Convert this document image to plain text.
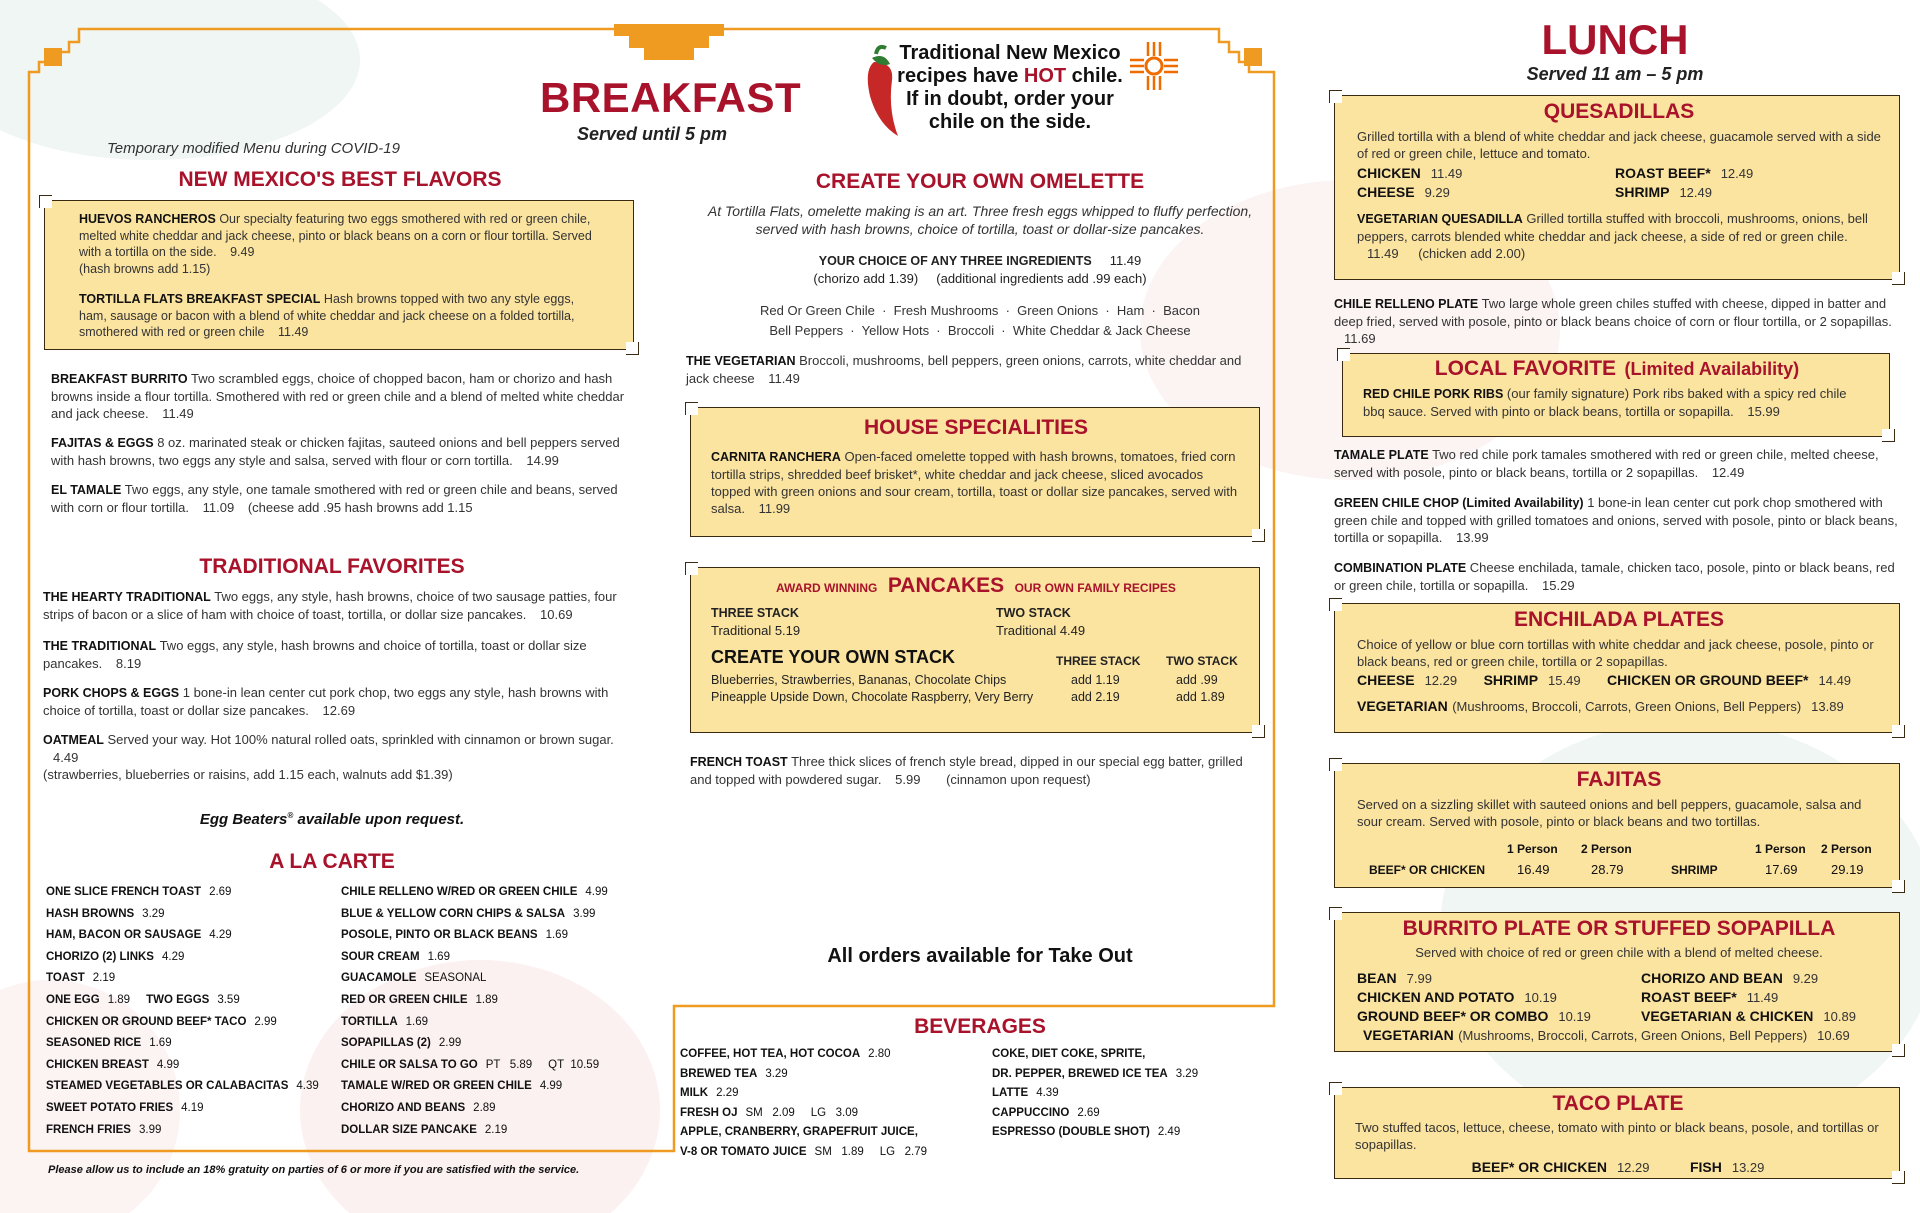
BREAKFAST
Served until 5 pm
Temporary modified Menu during COVID-19
Traditional New Mexico
recipes have HOT chile.
If in doubt, order your
chile on the side.
NEW MEXICO'S BEST FLAVORS
HUEVOS RANCHEROS Our specialty featuring two eggs smothered with red or green chile, melted white cheddar and jack cheese, pinto or black beans on a corn or flour tortilla. Served with a tortilla on the side. 9.49
(hash browns add 1.15)
TORTILLA FLATS BREAKFAST SPECIAL Hash browns topped with two any style eggs, ham, sausage or bacon with a blend of white cheddar and jack cheese on a folded tortilla, smothered with red or green chile 11.49
BREAKFAST BURRITO Two scrambled eggs, choice of chopped bacon, ham or chorizo and hash browns inside a flour tortilla. Smothered with red or green chile and a blend of melted white cheddar and jack cheese. 11.49
FAJITAS & EGGS 8 oz. marinated steak or chicken fajitas, sauteed onions and bell peppers served with hash browns, two eggs any style and salsa, served with flour or corn tortilla. 14.99
EL TAMALE Two eggs, any style, one tamale smothered with red or green chile and beans, served with corn or flour tortilla. 11.09 (cheese add .95 hash browns add 1.15
TRADITIONAL FAVORITES
THE HEARTY TRADITIONAL Two eggs, any style, hash browns, choice of two sausage patties, four strips of bacon or a slice of ham with choice of toast, tortilla, or dollar size pancakes. 10.69
THE TRADITIONAL Two eggs, any style, hash browns and choice of tortilla, toast or dollar size pancakes. 8.19
PORK CHOPS & EGGS 1 bone-in lean center cut pork chop, two eggs any style, hash browns with choice of tortilla, toast or dollar size pancakes. 12.69
OATMEAL Served your way. Hot 100% natural rolled oats, sprinkled with cinnamon or brown sugar. 4.49
(strawberries, blueberries or raisins, add 1.15 each, walnuts add $1.39)
Egg Beaters® available upon request.
A LA CARTE
ONE SLICE FRENCH TOAST 2.69
HASH BROWNS 3.29
HAM, BACON OR SAUSAGE 4.29
CHORIZO (2) LINKS 4.29
TOAST 2.19
ONE EGG 1.89 TWO EGGS 3.59
CHICKEN OR GROUND BEEF* TACO 2.99
SEASONED RICE 1.69
CHICKEN BREAST 4.99
STEAMED VEGETABLES OR CALABACITAS 4.39
SWEET POTATO FRIES 4.19
FRENCH FRIES 3.99
CHILE RELLENO W/RED OR GREEN CHILE 4.99
BLUE & YELLOW CORN CHIPS & SALSA 3.99
POSOLE, PINTO OR BLACK BEANS 1.69
SOUR CREAM 1.69
GUACAMOLE SEASONAL
RED OR GREEN CHILE 1.89
TORTILLA 1.69
SOPAPILLAS (2) 2.99
CHILE OR SALSA TO GO PT   5.89     QT  10.59
TAMALE W/RED OR GREEN CHILE 4.99
CHORIZO AND BEANS 2.89
DOLLAR SIZE PANCAKE 2.19
Please allow us to include an 18% gratuity on parties of 6 or more if you are satisfied with the service.
CREATE YOUR OWN OMELETTE
At Tortilla Flats, omelette making is an art. Three fresh eggs whipped to fluffy perfection, served with hash browns, choice of tortilla, toast or dollar-size pancakes.
YOUR CHOICE OF ANY THREE INGREDIENTS 11.49
(chorizo add 1.39)     (additional ingredients add .99 each)
Red Or Green Chile  ·  Fresh Mushrooms  ·  Green Onions  ·  Ham  ·  Bacon
Bell Peppers  ·  Yellow Hots  ·  Broccoli  ·  White Cheddar & Jack Cheese
THE VEGETARIAN Broccoli, mushrooms, bell peppers, green onions, carrots, white cheddar and jack cheese 11.49
HOUSE SPECIALITIES
CARNITA RANCHERA Open-faced omelette topped with hash browns, tomatoes, fried corn tortilla strips, shredded beef brisket*, white cheddar and jack cheese, sliced avocados topped with green onions and sour cream, tortilla, toast or dollar size pancakes, served with salsa. 11.99
AWARD WINNING PANCAKES OUR OWN FAMILY RECIPES
THREE STACK
Traditional 5.19
TWO STACK
Traditional 4.49
CREATE YOUR OWN STACK	THREE STACK	TWO STACK
Blueberries, Strawberries, Bananas, Chocolate Chips	add 1.19	add .99
Pineapple Upside Down, Chocolate Raspberry, Very Berry	add 2.19	add 1.89
FRENCH TOAST Three thick slices of french style bread, dipped in our special egg batter, grilled and topped with powdered sugar. 5.99 (cinnamon upon request)
All orders available for Take Out
BEVERAGES
COFFEE, HOT TEA, HOT COCOA 2.80
BREWED TEA 3.29
MILK 2.29
FRESH OJ SM   2.09     LG   3.09
APPLE, CRANBERRY, GRAPEFRUIT JUICE,
V-8 OR TOMATO JUICE SM   1.89     LG   2.79
COKE, DIET COKE, SPRITE,
DR. PEPPER, BREWED ICE TEA 3.29
LATTE 4.39
CAPPUCCINO 2.69
ESPRESSO (DOUBLE SHOT) 2.49
LUNCH
Served 11 am – 5 pm
QUESADILLAS
Grilled tortilla with a blend of white cheddar and jack cheese, guacamole served with a side of red or green chile, lettuce and tomato.
CHICKEN 11.49	ROAST BEEF* 12.49
CHEESE 9.29	SHRIMP 12.49
VEGETARIAN QUESADILLA Grilled tortilla stuffed with broccoli, mushrooms, onions, bell peppers, carrots blended white cheddar and jack cheese, a side of red or green chile. 11.49 (chicken add 2.00)
CHILE RELLENO PLATE Two large whole green chiles stuffed with cheese, dipped in batter and deep fried, served with posole, pinto or black beans choice of corn or flour tortilla, or 2 sopapillas. 11.69
LOCAL FAVORITE (Limited Availability)
RED CHILE PORK RIBS (our family signature) Pork ribs baked with a spicy red chile bbq sauce. Served with pinto or black beans, tortilla or sopapilla. 15.99
TAMALE PLATE Two red chile pork tamales smothered with red or green chile, melted cheese, served with posole, pinto or black beans, tortilla or 2 sopapillas. 12.49
GREEN CHILE CHOP (Limited Availability) 1 bone-in lean center cut pork chop smothered with green chile and topped with grilled tomatoes and onions, served with posole, pinto or black beans, tortilla or sopapilla. 13.99
COMBINATION PLATE Cheese enchilada, tamale, chicken taco, posole, pinto or black beans, red or green chile, tortilla or sopapilla. 15.29
ENCHILADA PLATES
Choice of yellow or blue corn tortillas with white cheddar and jack cheese, posole, pinto or black beans, red or green chile, tortilla or 2 sopapillas.
CHEESE 12.29 SHRIMP 15.49 CHICKEN OR GROUND BEEF* 14.49
VEGETARIAN (Mushrooms, Broccoli, Carrots, Green Onions, Bell Peppers) 13.89
FAJITAS
Served on a sizzling skillet with sauteed onions and bell peppers, guacamole, salsa and sour cream. Served with posole, pinto or black beans and two tortillas.
1 Person 2 Person	1 Person 2 Person
BEEF* OR CHICKEN 16.49	28.79	SHRIMP	17.69	29.19
BURRITO PLATE OR STUFFED SOPAPILLA
Served with choice of red or green chile with a blend of melted cheese.
BEAN 7.99	CHORIZO AND BEAN 9.29
CHICKEN AND POTATO 10.19	ROAST BEEF* 11.49
GROUND BEEF* OR COMBO 10.19	VEGETARIAN & CHICKEN 10.89
VEGETARIAN (Mushrooms, Broccoli, Carrots, Green Onions, Bell Peppers) 10.69
TACO PLATE
Two stuffed tacos, lettuce, cheese, tomato with pinto or black beans, posole, and tortillas or sopapillas.
BEEF* OR CHICKEN 12.29	FISH 13.29
